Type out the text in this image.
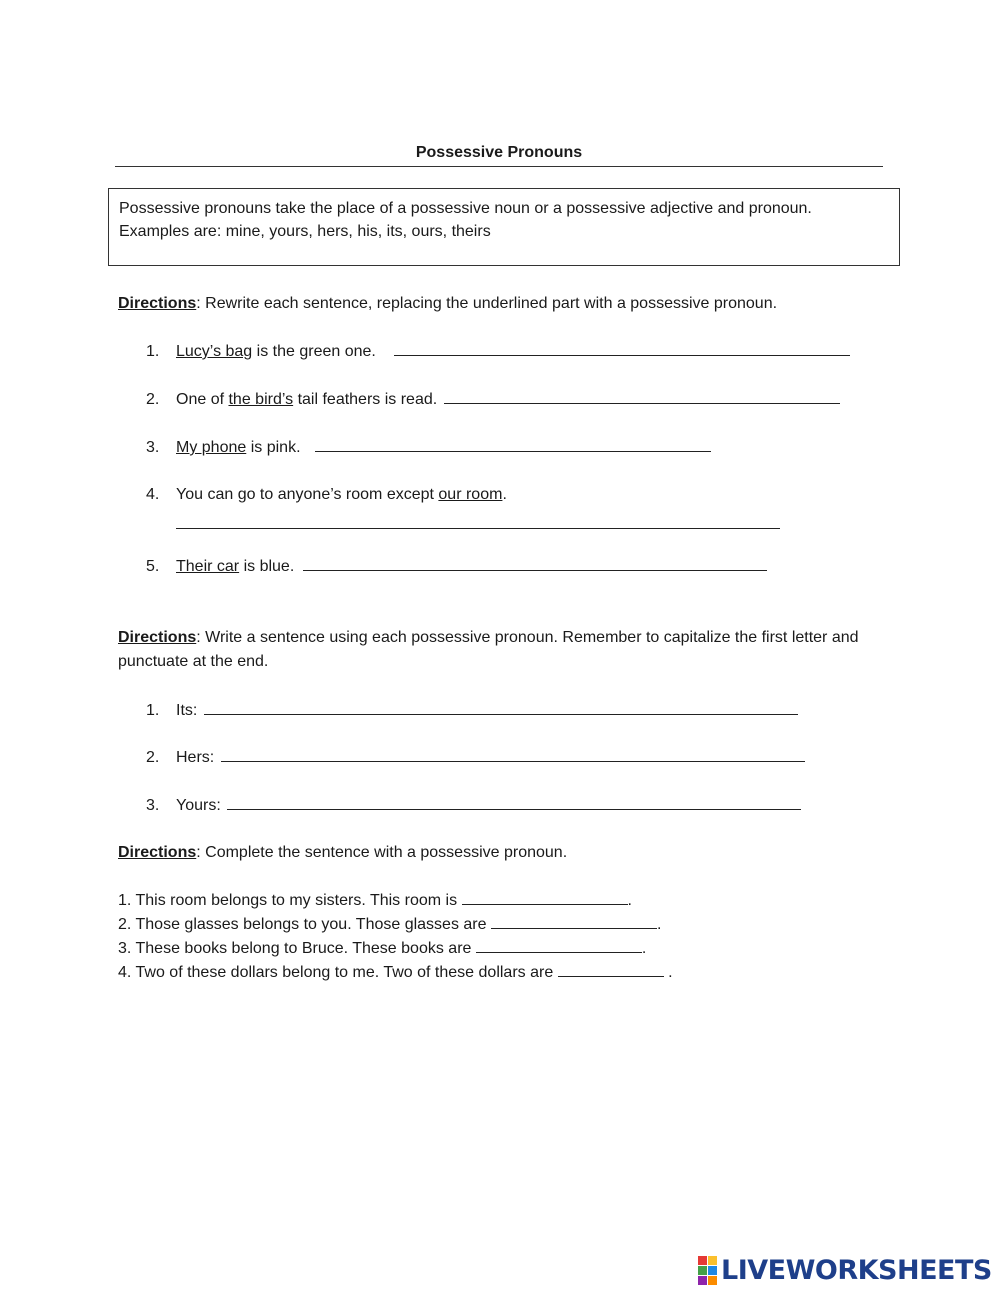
Possessive Pronouns
Possessive pronouns take the place of a possessive noun or a possessive adjective and pronoun.
Examples are: mine, yours, hers, his, its, ours, theirs
Directions: Rewrite each sentence, replacing the underlined part with a possessive pronoun.
1. Lucy’s bag is the green one.
2. One of the bird’s tail feathers is read.
3. My phone is pink.
4. You can go to anyone’s room except our room.
5. Their car is blue.
Directions: Write a sentence using each possessive pronoun. Remember to capitalize the first letter and punctuate at the end.
1. Its:
2. Hers:
3. Yours:
Directions: Complete the sentence with a possessive pronoun.
1. This room belongs to my sisters. This room is	.
2. Those glasses belongs to you. Those glasses are	.
3. These books belong to Bruce. These books are	.
4. Two of these dollars belong to me. Two of these dollars are	.
LIVEWORKSHEETS
